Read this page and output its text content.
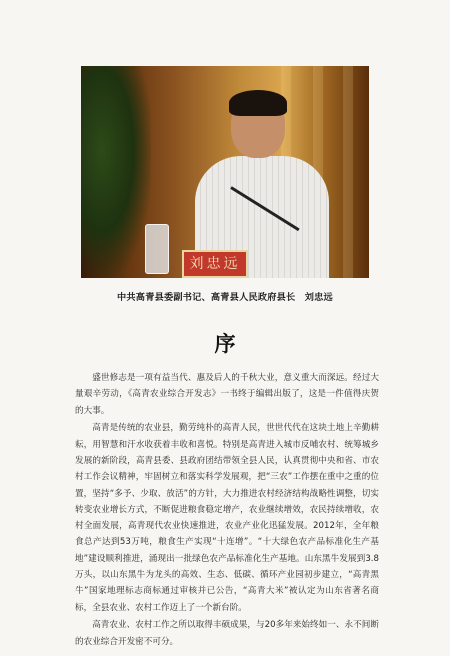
刘忠远
中共高青县委副书记、高青县人民政府县长　刘忠远
序

盛世修志是一项有益当代、惠及后人的千秋大业，意义重大而深远。经过大量艰辛劳动，《高青农业综合开发志》一书终于编辑出版了，这是一件值得庆贺的大事。

高青是传统的农业县，勤劳纯朴的高青人民，世世代代在这块土地上辛勤耕耘，用智慧和汗水收获着丰收和喜悦。特别是高青进入城市反哺农村、统筹城乡发展的新阶段，高青县委、县政府团结带领全县人民，认真贯彻中央和省、市农村工作会议精神，牢固树立和落实科学发展观，把“三农”工作摆在重中之重的位置，坚持“多予、少取、放活”的方针，大力推进农村经济结构战略性调整，切实转变农业增长方式，不断促进粮食稳定增产，农业继续增效，农民持续增收，农村全面发展，高青现代农业快速推进，农业产业化迅猛发展。2012年，全年粮食总产达到53万吨，粮食生产实现“十连增”。“十大绿色农产品标准化生产基地”建设顺利推进，涌现出一批绿色农产品标准化生产基地。山东黑牛发展到3.8万头，以山东黑牛为龙头的高效、生态、低碳、循环产业园初步建立，“高青黑牛”国家地理标志商标通过审核并已公告，“高青大米”被认定为山东省著名商标，全县农业、农村工作迈上了一个新台阶。

高青农业、农村工作之所以取得丰硕成果，与20多年来始终如一、永不间断的农业综合开发密不可分。
